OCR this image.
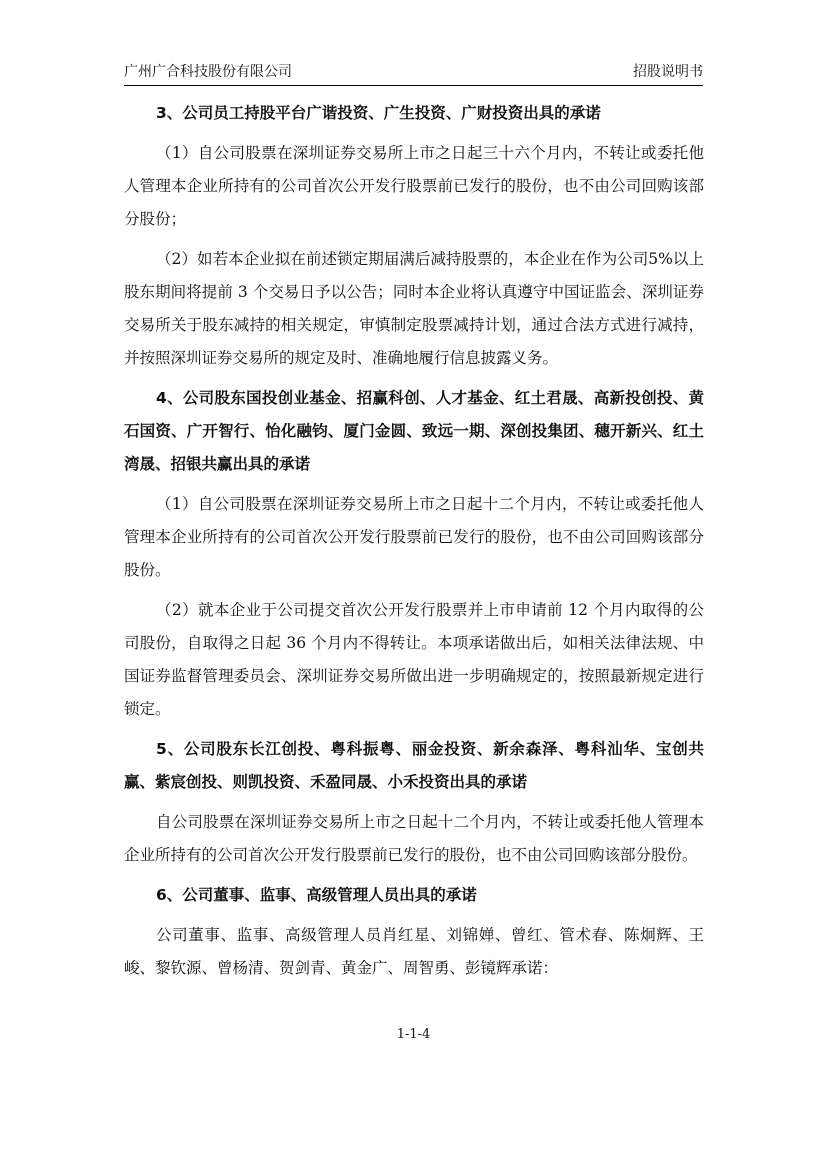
广州广合科技股份有限公司	招股说明书
3、公司员工持股平台广谐投资、广生投资、广财投资出具的承诺

（1）自公司股票在深圳证券交易所上市之日起三十六个月内，不转让或委托他人管理本企业所持有的公司首次公开发行股票前已发行的股份，也不由公司回购该部分股份；

（2）如若本企业拟在前述锁定期届满后减持股票的，本企业在作为公司5%以上股东期间将提前 3 个交易日予以公告；同时本企业将认真遵守中国证监会、深圳证券交易所关于股东减持的相关规定，审慎制定股票减持计划，通过合法方式进行减持，并按照深圳证券交易所的规定及时、准确地履行信息披露义务。

4、公司股东国投创业基金、招赢科创、人才基金、红土君晟、高新投创投、黄石国资、广开智行、怡化融钧、厦门金圆、致远一期、深创投集团、穗开新兴、红土湾晟、招银共赢出具的承诺

（1）自公司股票在深圳证券交易所上市之日起十二个月内，不转让或委托他人管理本企业所持有的公司首次公开发行股票前已发行的股份，也不由公司回购该部分股份。

（2）就本企业于公司提交首次公开发行股票并上市申请前 12 个月内取得的公司股份，自取得之日起 36 个月内不得转让。本项承诺做出后，如相关法律法规、中国证券监督管理委员会、深圳证券交易所做出进一步明确规定的，按照最新规定进行锁定。

5、公司股东长江创投、粤科振粤、丽金投资、新余森泽、粤科汕华、宝创共赢、紫宸创投、则凯投资、禾盈同晟、小禾投资出具的承诺

自公司股票在深圳证券交易所上市之日起十二个月内，不转让或委托他人管理本企业所持有的公司首次公开发行股票前已发行的股份，也不由公司回购该部分股份。

6、公司董事、监事、高级管理人员出具的承诺

公司董事、监事、高级管理人员肖红星、刘锦婵、曾红、管术春、陈炯辉、王峻、黎钦源、曾杨清、贺剑青、黄金广、周智勇、彭镜辉承诺：

1-1-4
